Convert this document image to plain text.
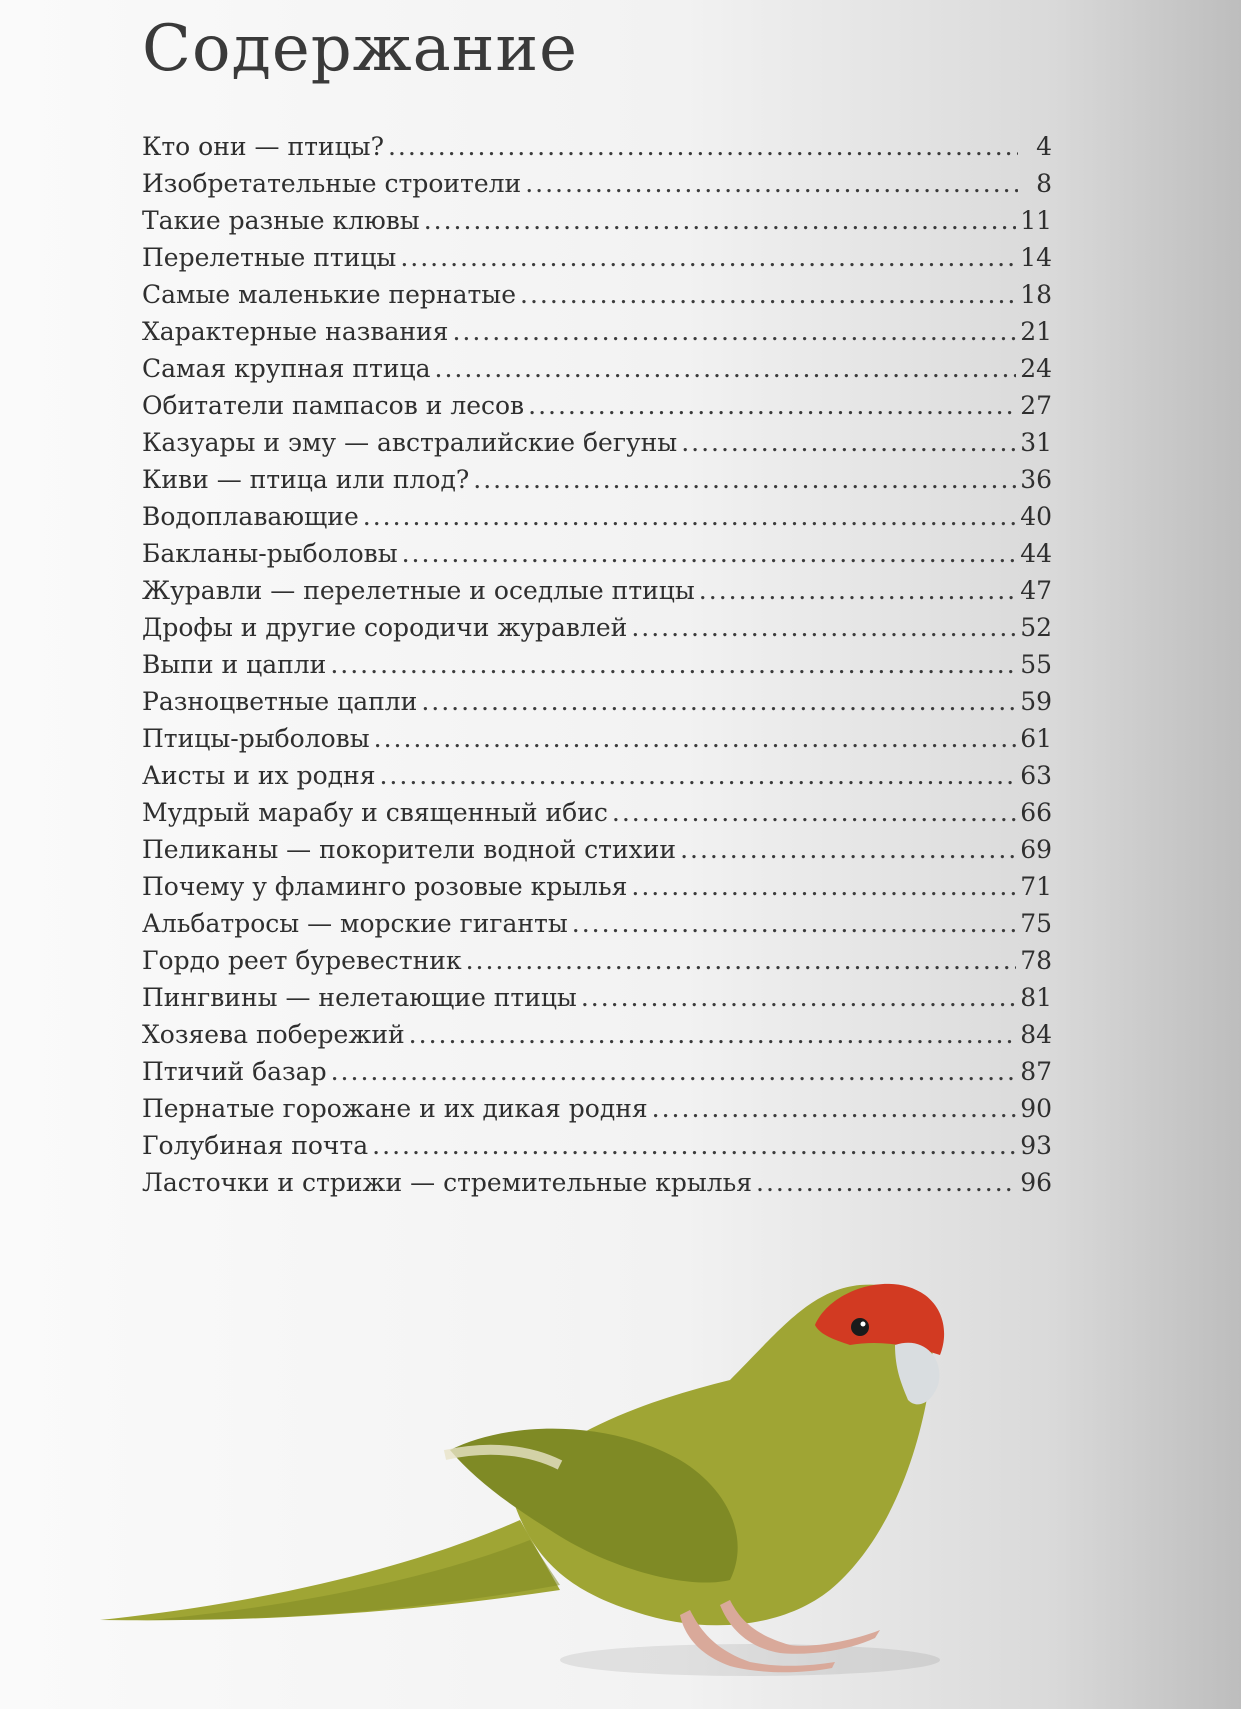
Содержание
Кто они — птицы? .....	4
Изобретательные строители .....	8
Такие разные клювы .....	11
Перелетные птицы .....	14
Самые маленькие пернатые .....	18
Характерные названия .....	21
Самая крупная птица .....	24
Обитатели пампасов и лесов .....	27
Казуары и эму — австралийские бегуны .....	31
Киви — птица или плод? .....	36
Водоплавающие .....	40
Бакланы-рыболовы .....	44
Журавли — перелетные и оседлые птицы .....	47
Дрофы и другие сородичи журавлей .....	52
Выпи и цапли .....	55
Разноцветные цапли .....	59
Птицы-рыболовы .....	61
Аисты и их родня .....	63
Мудрый марабу и священный ибис .....	66
Пеликаны — покорители водной стихии .....	69
Почему у фламинго розовые крылья .....	71
Альбатросы — морские гиганты .....	75
Гордо реет буревестник .....	78
Пингвины — нелетающие птицы .....	81
Хозяева побережий .....	84
Птичий базар .....	87
Пернатые горожане и их дикая родня .....	90
Голубиная почта .....	93
Ласточки и стрижи — стремительные крылья .....	96
